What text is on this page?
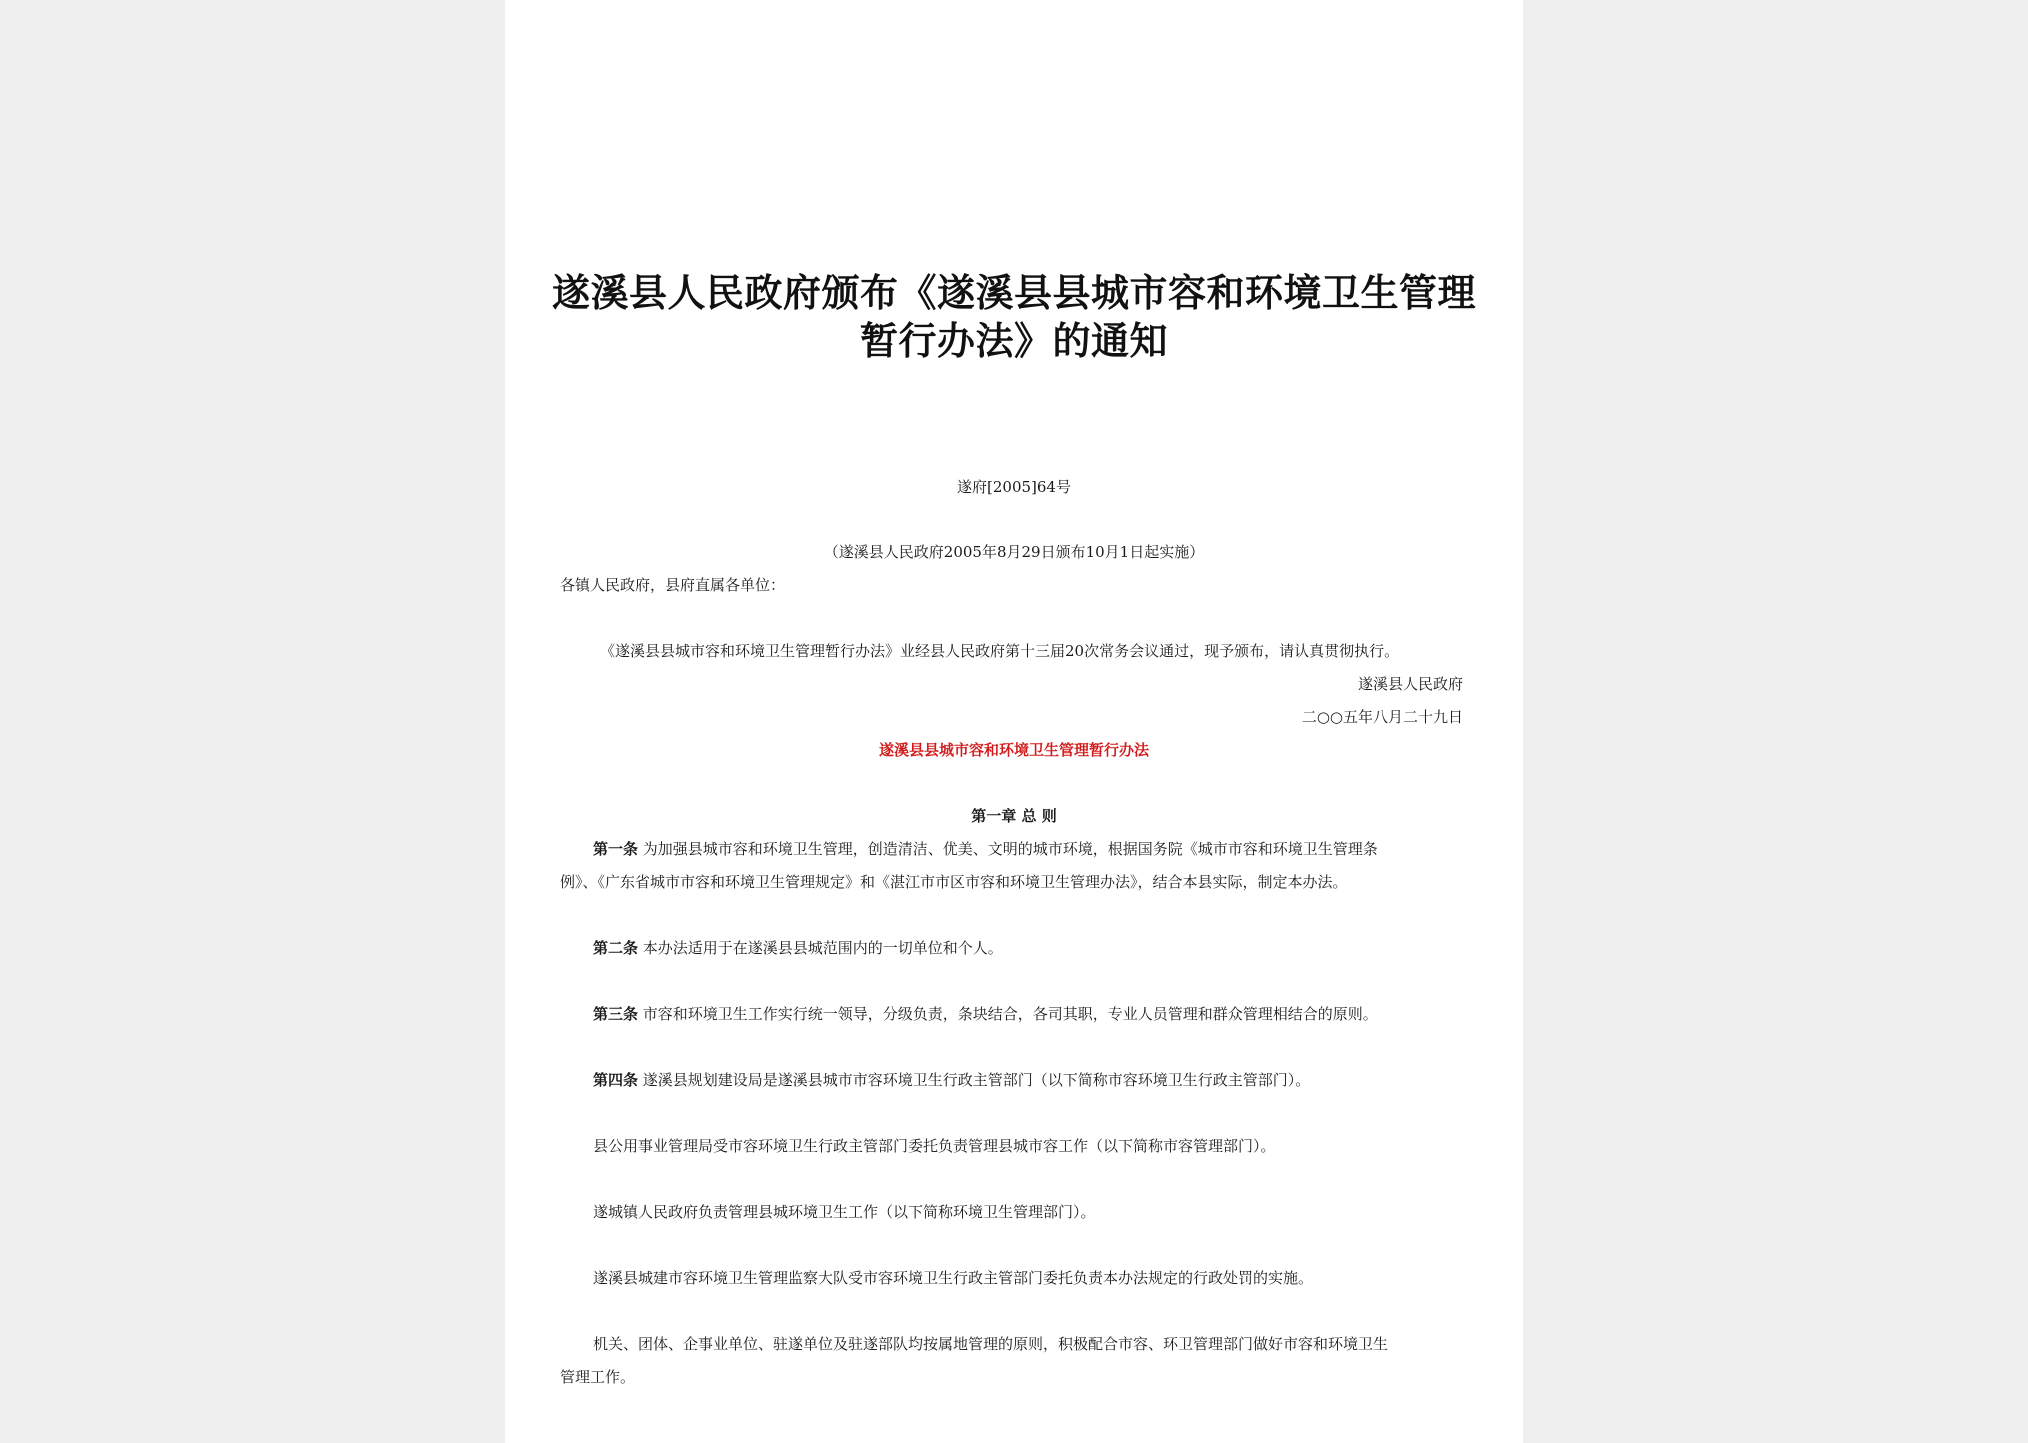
遂溪县人民政府颁布《遂溪县县城市容和环境卫生管理
暂行办法》的通知
遂府[2005]64号
（遂溪县人民政府2005年8月29日颁布10月1日起实施）
各镇人民政府，县府直属各单位：
《遂溪县县城市容和环境卫生管理暂行办法》业经县人民政府第十三届20次常务会议通过，现予颁布，请认真贯彻执行。
遂溪县人民政府
二○○五年八月二十九日
遂溪县县城市容和环境卫生管理暂行办法
第一章 总 则
第一条 为加强县城市容和环境卫生管理，创造清洁、优美、文明的城市环境，根据国务院《城市市容和环境卫生管理条
例》、《广东省城市市容和环境卫生管理规定》和《湛江市市区市容和环境卫生管理办法》，结合本县实际，制定本办法。
第二条 本办法适用于在遂溪县县城范围内的一切单位和个人。
第三条 市容和环境卫生工作实行统一领导，分级负责，条块结合，各司其职，专业人员管理和群众管理相结合的原则。
第四条 遂溪县规划建设局是遂溪县城市市容环境卫生行政主管部门（以下简称市容环境卫生行政主管部门）。
县公用事业管理局受市容环境卫生行政主管部门委托负责管理县城市容工作（以下简称市容管理部门）。
遂城镇人民政府负责管理县城环境卫生工作（以下简称环境卫生管理部门）。
遂溪县城建市容环境卫生管理监察大队受市容环境卫生行政主管部门委托负责本办法规定的行政处罚的实施。
机关、团体、企事业单位、驻遂单位及驻遂部队均按属地管理的原则，积极配合市容、环卫管理部门做好市容和环境卫生
管理工作。
